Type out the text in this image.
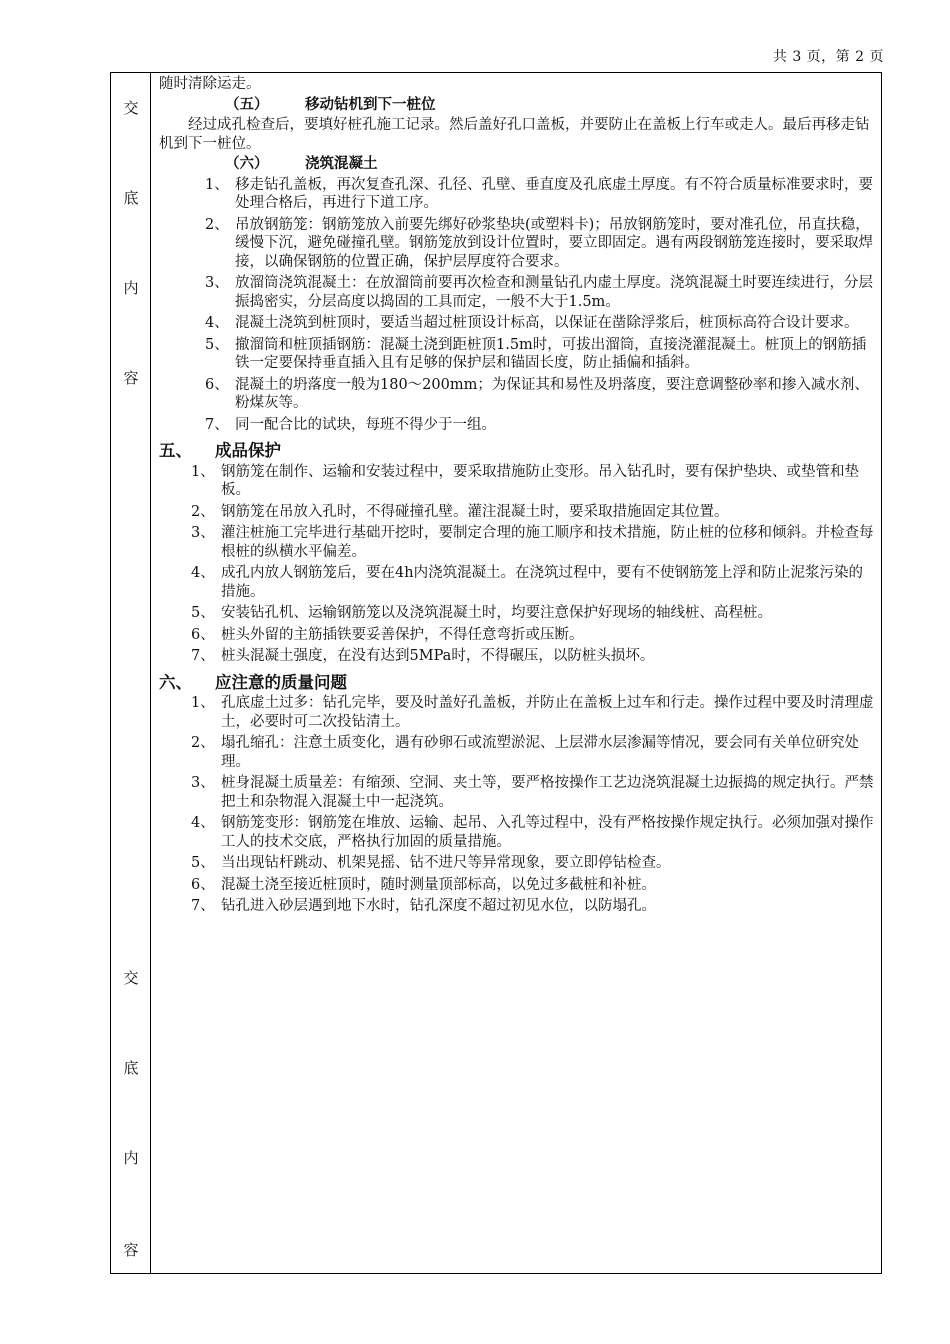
共 3 页，第 2 页
交
底
内
容
交
底
内
容
随时清除运走。
（五）	移动钻机到下一桩位
经过成孔检查后，要填好桩孔施工记录。然后盖好孔口盖板，并要防止在盖板上行车或走人。最后再移走钻机到下一桩位。
（六）	浇筑混凝土
1、 移走钻孔盖板，再次复查孔深、孔径、孔壁、垂直度及孔底虚土厚度。有不符合质量标准要求时，要处理合格后，再进行下道工序。
2、 吊放钢筋笼：钢筋笼放入前要先绑好砂浆垫块(或塑料卡)；吊放钢筋笼时，要对准孔位，吊直扶稳，缓慢下沉，避免碰撞孔壁。钢筋笼放到设计位置时，要立即固定。遇有两段钢筋笼连接时，要采取焊接，以确保钢筋的位置正确，保护层厚度符合要求。
3、 放溜筒浇筑混凝土：在放溜筒前要再次检查和测量钻孔内虚土厚度。浇筑混凝土时要连续进行，分层振捣密实，分层高度以捣固的工具而定，一般不大于1.5m。
4、 混凝土浇筑到桩顶时，要适当超过桩顶设计标高，以保证在凿除浮浆后，桩顶标高符合设计要求。
5、 撤溜筒和桩顶插钢筋：混凝土浇到距桩顶1.5m时，可拔出溜筒，直接浇灌混凝土。桩顶上的钢筋插铁一定要保持垂直插入且有足够的保护层和锚固长度，防止插偏和插斜。
6、 混凝土的坍落度一般为180～200mm；为保证其和易性及坍落度，要注意调整砂率和掺入减水剂、粉煤灰等。
7、 同一配合比的试块，每班不得少于一组。
五、 成品保护
1、 钢筋笼在制作、运输和安装过程中，要采取措施防止变形。吊入钻孔时，要有保护垫块、或垫管和垫板。
2、 钢筋笼在吊放入孔时，不得碰撞孔壁。灌注混凝土时，要采取措施固定其位置。
3、 灌注桩施工完毕进行基础开挖时，要制定合理的施工顺序和技术措施，防止桩的位移和倾斜。并检查每根桩的纵横水平偏差。
4、 成孔内放人钢筋笼后，要在4h内浇筑混凝土。在浇筑过程中，要有不使钢筋笼上浮和防止泥浆污染的措施。
5、 安装钻孔机、运输钢筋笼以及浇筑混凝土时，均要注意保护好现场的轴线桩、高程桩。
6、 桩头外留的主筋插铁要妥善保护，不得任意弯折或压断。
7、 桩头混凝土强度，在没有达到5MPa时，不得碾压，以防桩头损坏。
六、 应注意的质量问题
1、 孔底虚土过多：钻孔完毕，要及时盖好孔盖板，并防止在盖板上过车和行走。操作过程中要及时清理虚土，必要时可二次投钻清土。
2、 塌孔缩孔：注意土质变化，遇有砂卵石或流塑淤泥、上层滞水层渗漏等情况，要会同有关单位研究处理。
3、 桩身混凝土质量差：有缩颈、空洞、夹土等，要严格按操作工艺边浇筑混凝土边振捣的规定执行。严禁把土和杂物混入混凝土中一起浇筑。
4、 钢筋笼变形：钢筋笼在堆放、运输、起吊、入孔等过程中，没有严格按操作规定执行。必须加强对操作工人的技术交底，严格执行加固的质量措施。
5、 当出现钻杆跳动、机架晃摇、钻不进尺等异常现象，要立即停钻检查。
6、 混凝土浇至接近桩顶时，随时测量顶部标高，以免过多截桩和补桩。
7、 钻孔进入砂层遇到地下水时，钻孔深度不超过初见水位，以防塌孔。
